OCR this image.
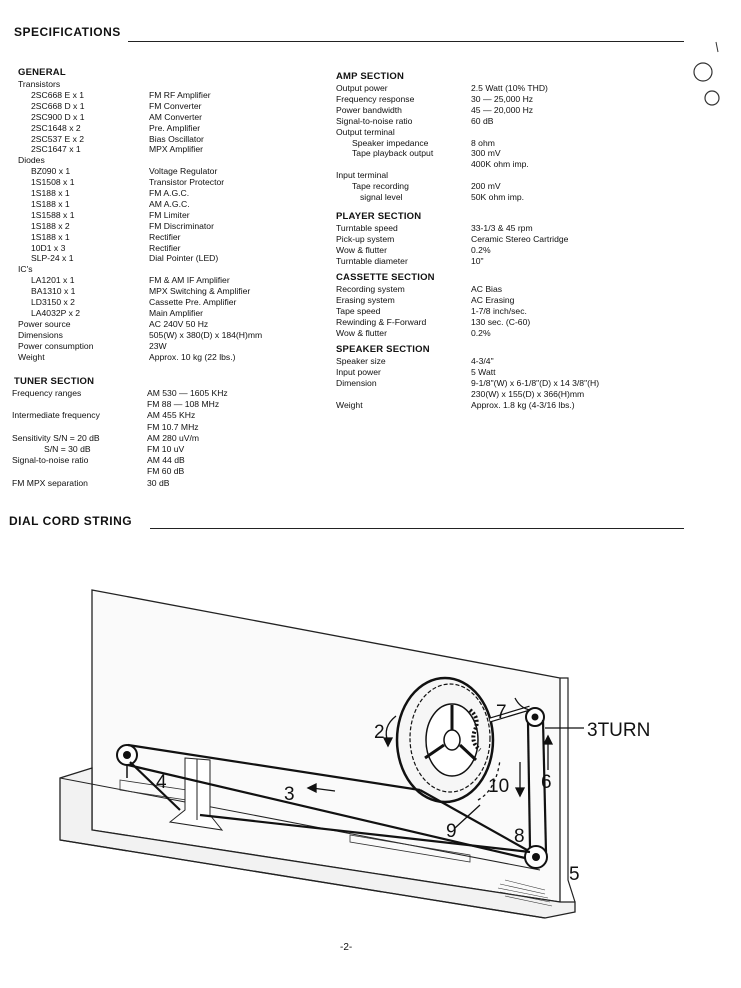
SPECIFICATIONS
DIAL CORD STRING
GENERAL
Transistors
2SC668 E x 1	FM RF Amplifier
2SC668 D x 1	FM Converter
2SC900 D x 1	AM Converter
2SC1648 x 2	Pre. Amplifier
2SC537 E x 2	Bias Oscillator
2SC1647 x 1	MPX Amplifier
Diodes
BZ090 x 1	Voltage Regulator
1S1508 x 1	Transistor Protector
1S188 x 1	FM A.G.C.
1S188 x 1	AM A.G.C.
1S1588 x 1	FM Limiter
1S188 x 2	FM Discriminator
1S188 x 1	Rectifier
10D1 x 3	Rectifier
SLP-24 x 1	Dial Pointer (LED)
IC's
LA1201 x 1	FM & AM IF Amplifier
BA1310 x 1	MPX Switching & Amplifier
LD3150 x 2	Cassette Pre. Amplifier
LA4032P x 2	Main Amplifier
Power source	AC 240V 50 Hz
Dimensions	505(W) x 380(D) x 184(H)mm
Power consumption	23W
Weight	Approx. 10 kg (22 lbs.)
TUNER SECTION
Frequency ranges	AM 530 — 1605 KHz
FM 88 — 108 MHz
Intermediate frequency	AM 455 KHz
FM 10.7 MHz
Sensitivity S/N = 20 dB	AM 280 uV/m
S/N = 30 dB	FM 10 uV
Signal-to-noise ratio	AM 44 dB
FM 60 dB
FM MPX separation	30 dB
AMP SECTION
Output power	2.5 Watt (10% THD)
Frequency response	30 — 25,000 Hz
Power bandwidth	45 — 20,000 Hz
Signal-to-noise ratio	60 dB
Output terminal
Speaker impedance	8 ohm
Tape playback output	300 mV
400K ohm imp.
Input terminal
Tape recording	200 mV
signal level	50K ohm imp.
PLAYER SECTION
Turntable speed	33-1/3 & 45 rpm
Pick-up system	Ceramic Stereo Cartridge
Wow & flutter	0.2%
Turntable diameter	10"
CASSETTE SECTION
Recording system	AC Bias
Erasing system	AC Erasing
Tape speed	1-7/8 inch/sec.
Rewinding & F-Forward	130 sec. (C-60)
Wow & flutter	0.2%
SPEAKER SECTION
Speaker size	4-3/4"
Input power	5 Watt
Dimension	9-1/8"(W) x 6-1/8"(D) x 14 3/8"(H)
230(W) x 155(D) x 366(H)mm
Weight	Approx. 1.8 kg (4-3/16 lbs.)
2
3
4
5
6
7
8
9
10
3TURN
-2-
